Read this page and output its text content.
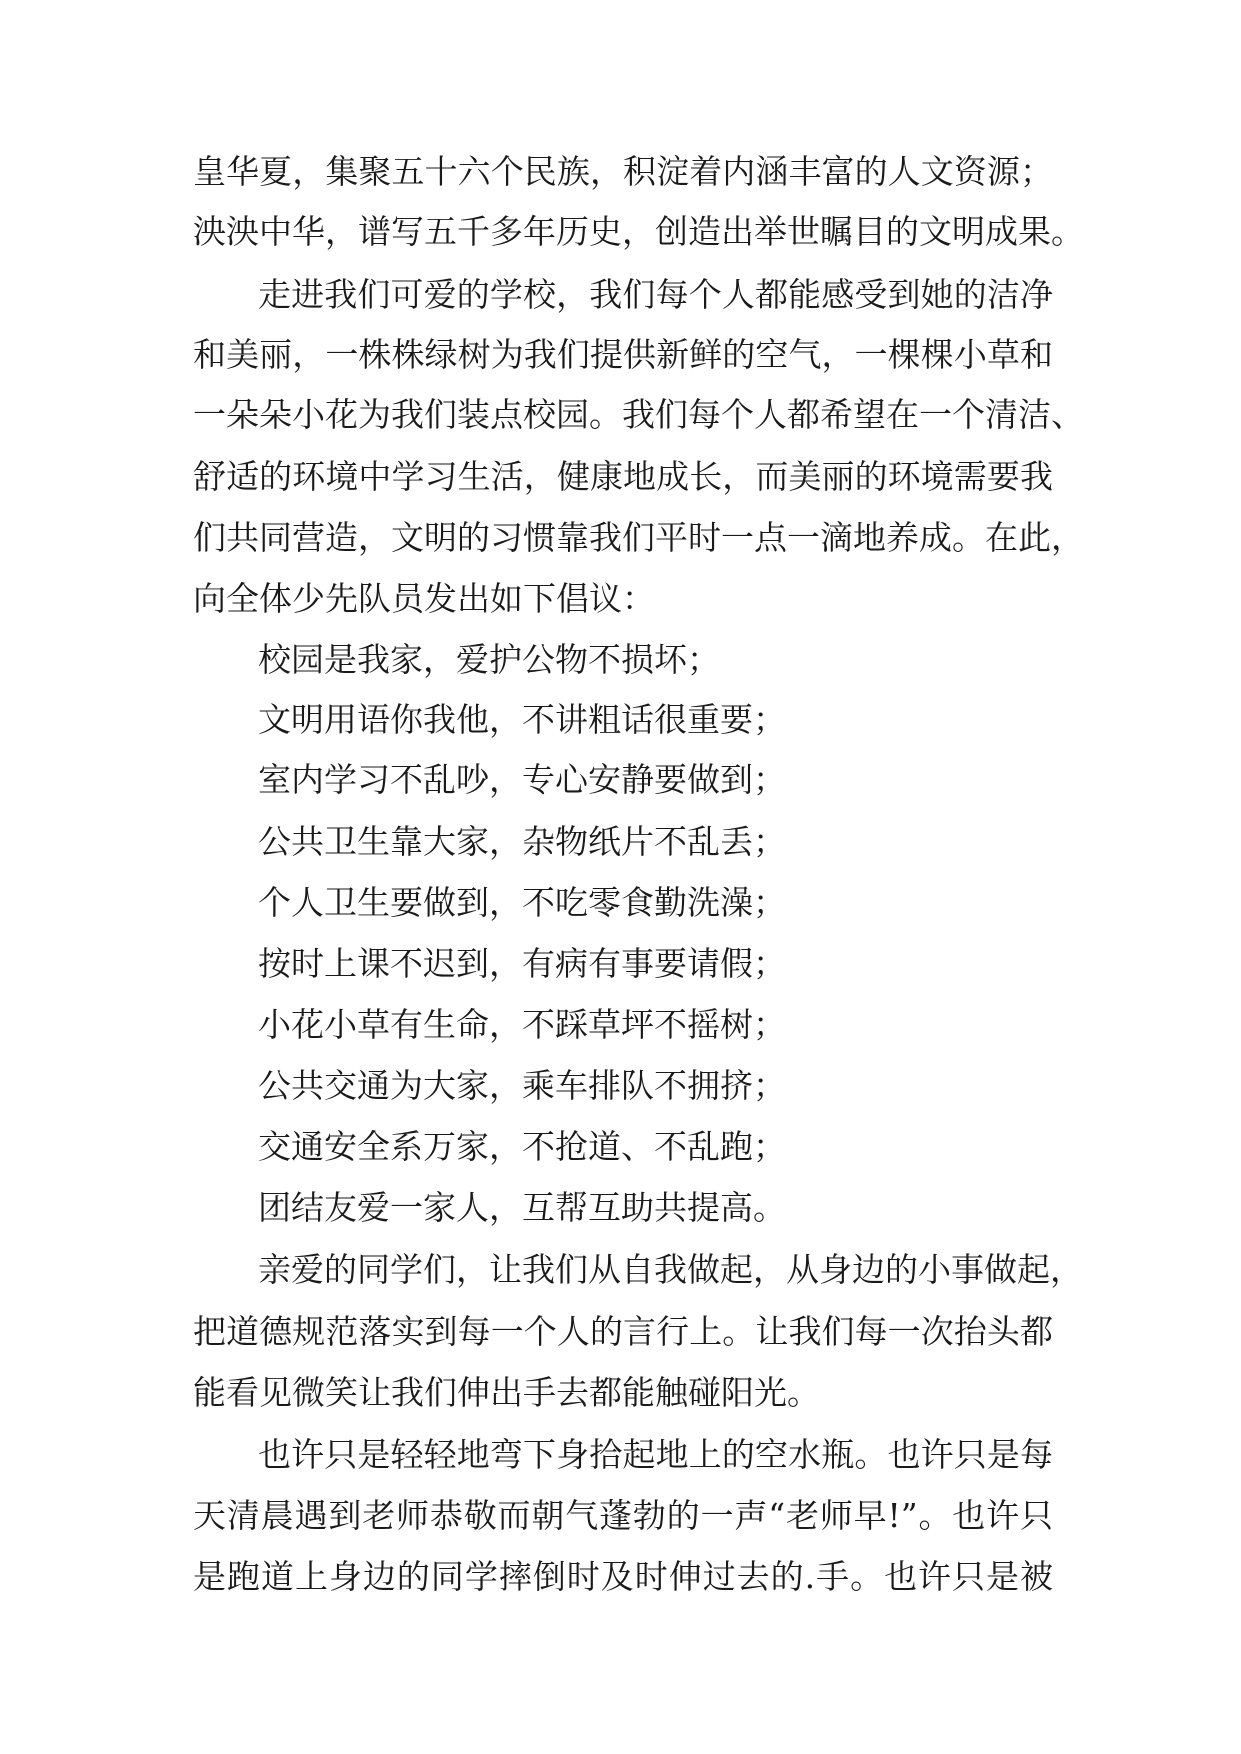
皇华夏，集聚五十六个民族，积淀着内涵丰富的人文资源；
泱泱中华，谱写五千多年历史，创造出举世瞩目的文明成果。
走进我们可爱的学校，我们每个人都能感受到她的洁净
和美丽，一株株绿树为我们提供新鲜的空气，一棵棵小草和
一朵朵小花为我们装点校园。我们每个人都希望在一个清洁、
舒适的环境中学习生活，健康地成长，而美丽的环境需要我
们共同营造，文明的习惯靠我们平时一点一滴地养成。在此，
向全体少先队员发出如下倡议：
校园是我家，爱护公物不损坏；
文明用语你我他，不讲粗话很重要；
室内学习不乱吵，专心安静要做到；
公共卫生靠大家，杂物纸片不乱丢；
个人卫生要做到，不吃零食勤洗澡；
按时上课不迟到，有病有事要请假；
小花小草有生命，不踩草坪不摇树；
公共交通为大家，乘车排队不拥挤；
交通安全系万家，不抢道、不乱跑；
团结友爱一家人，互帮互助共提高。
亲爱的同学们，让我们从自我做起，从身边的小事做起，
把道德规范落实到每一个人的言行上。让我们每一次抬头都
能看见微笑让我们伸出手去都能触碰阳光。
也许只是轻轻地弯下身拾起地上的空水瓶。也许只是每
天清晨遇到老师恭敬而朝气蓬勃的一声“老师早!”。也许只
是跑道上身边的同学摔倒时及时伸过去的.手。也许只是被
